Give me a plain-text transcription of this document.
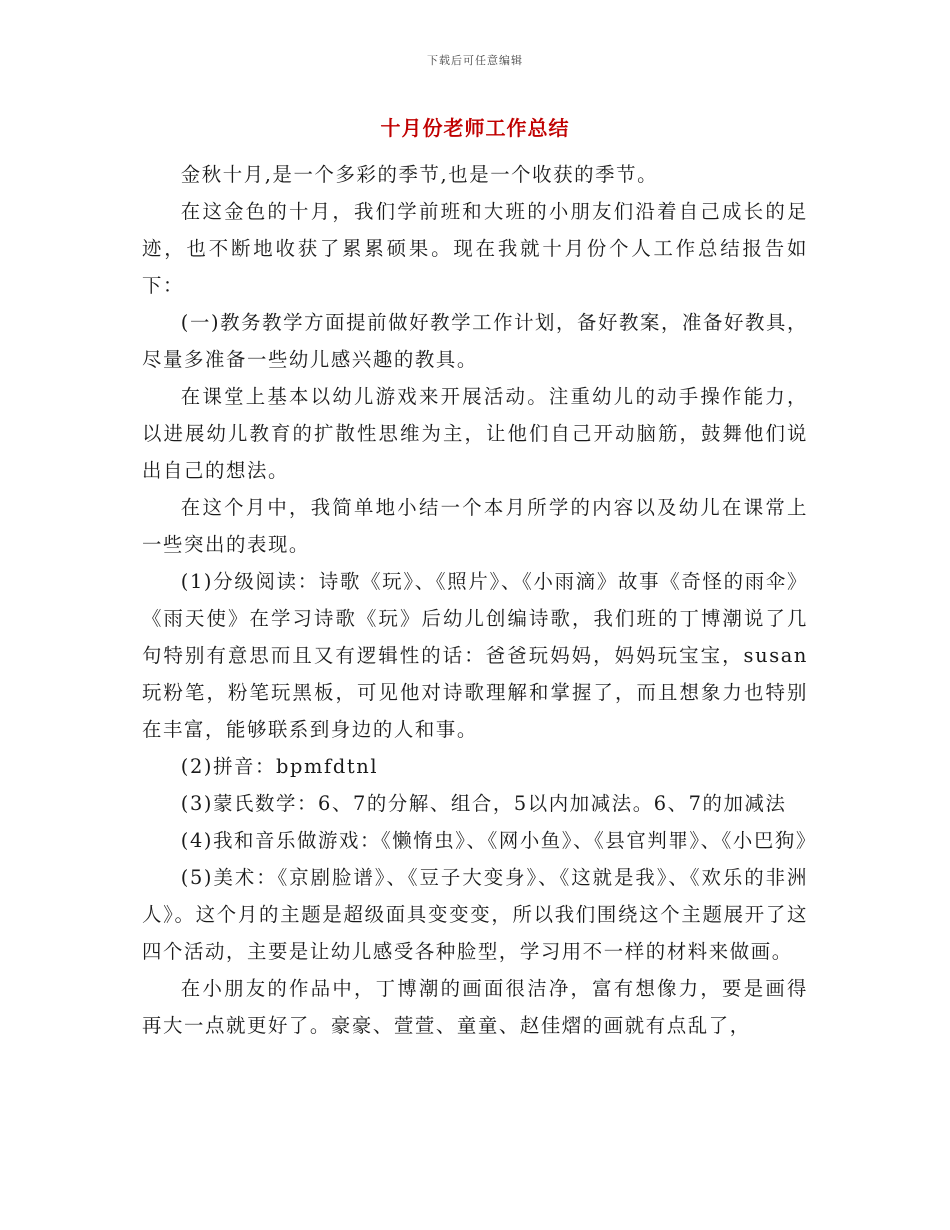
下载后可任意编辑
十月份老师工作总结

金秋十月,是一个多彩的季节,也是一个收获的季节。

在这金色的十月，我们学前班和大班的小朋友们沿着自己成长的足迹，也不断地收获了累累硕果。现在我就十月份个人工作总结报告如下：

(一)教务教学方面提前做好教学工作计划，备好教案，准备好教具，尽量多准备一些幼儿感兴趣的教具。

在课堂上基本以幼儿游戏来开展活动。注重幼儿的动手操作能力，以进展幼儿教育的扩散性思维为主，让他们自己开动脑筋，鼓舞他们说出自己的想法。

在这个月中，我简单地小结一个本月所学的内容以及幼儿在课常上一些突出的表现。

(1)分级阅读：诗歌《玩》、《照片》、《小雨滴》故事《奇怪的雨伞》《雨天使》在学习诗歌《玩》后幼儿创编诗歌，我们班的丁博潮说了几句特别有意思而且又有逻辑性的话：爸爸玩妈妈，妈妈玩宝宝，susan玩粉笔，粉笔玩黑板，可见他对诗歌理解和掌握了，而且想象力也特别在丰富，能够联系到身边的人和事。

(2)拼音：bpmfdtnl

(3)蒙氏数学：6、7的分解、组合，5以内加减法。6、7的加减法

(4)我和音乐做游戏：《懒惰虫》、《网小鱼》、《县官判罪》、《小巴狗》

(5)美术：《京剧脸谱》、《豆子大变身》、《这就是我》、《欢乐的非洲人》。这个月的主题是超级面具变变变，所以我们围绕这个主题展开了这四个活动，主要是让幼儿感受各种脸型，学习用不一样的材料来做画。

在小朋友的作品中，丁博潮的画面很洁净，富有想像力，要是画得再大一点就更好了。豪豪、萱萱、童童、赵佳熠的画就有点乱了，
